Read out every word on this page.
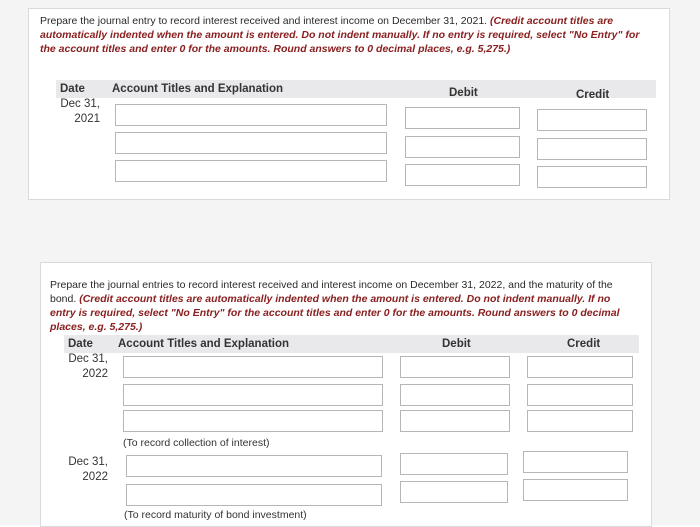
Prepare the journal entry to record interest received and interest income on December 31, 2021. (Credit account titles are automatically indented when the amount is entered. Do not indent manually. If no entry is required, select "No Entry" for the account titles and enter 0 for the amounts. Round answers to 0 decimal places, e.g. 5,275.)
Date Account Titles and Explanation	Debit	Credit
Dec 31,
2021
Prepare the journal entries to record interest received and interest income on December 31, 2022, and the maturity of the bond. (Credit account titles are automatically indented when the amount is entered. Do not indent manually. If no entry is required, select "No Entry" for the account titles and enter 0 for the amounts. Round answers to 0 decimal places, e.g. 5,275.)
Date Account Titles and Explanation	Debit	Credit
Dec 31,
2022
(To record collection of interest)
Dec 31,
2022
(To record maturity of bond investment)
